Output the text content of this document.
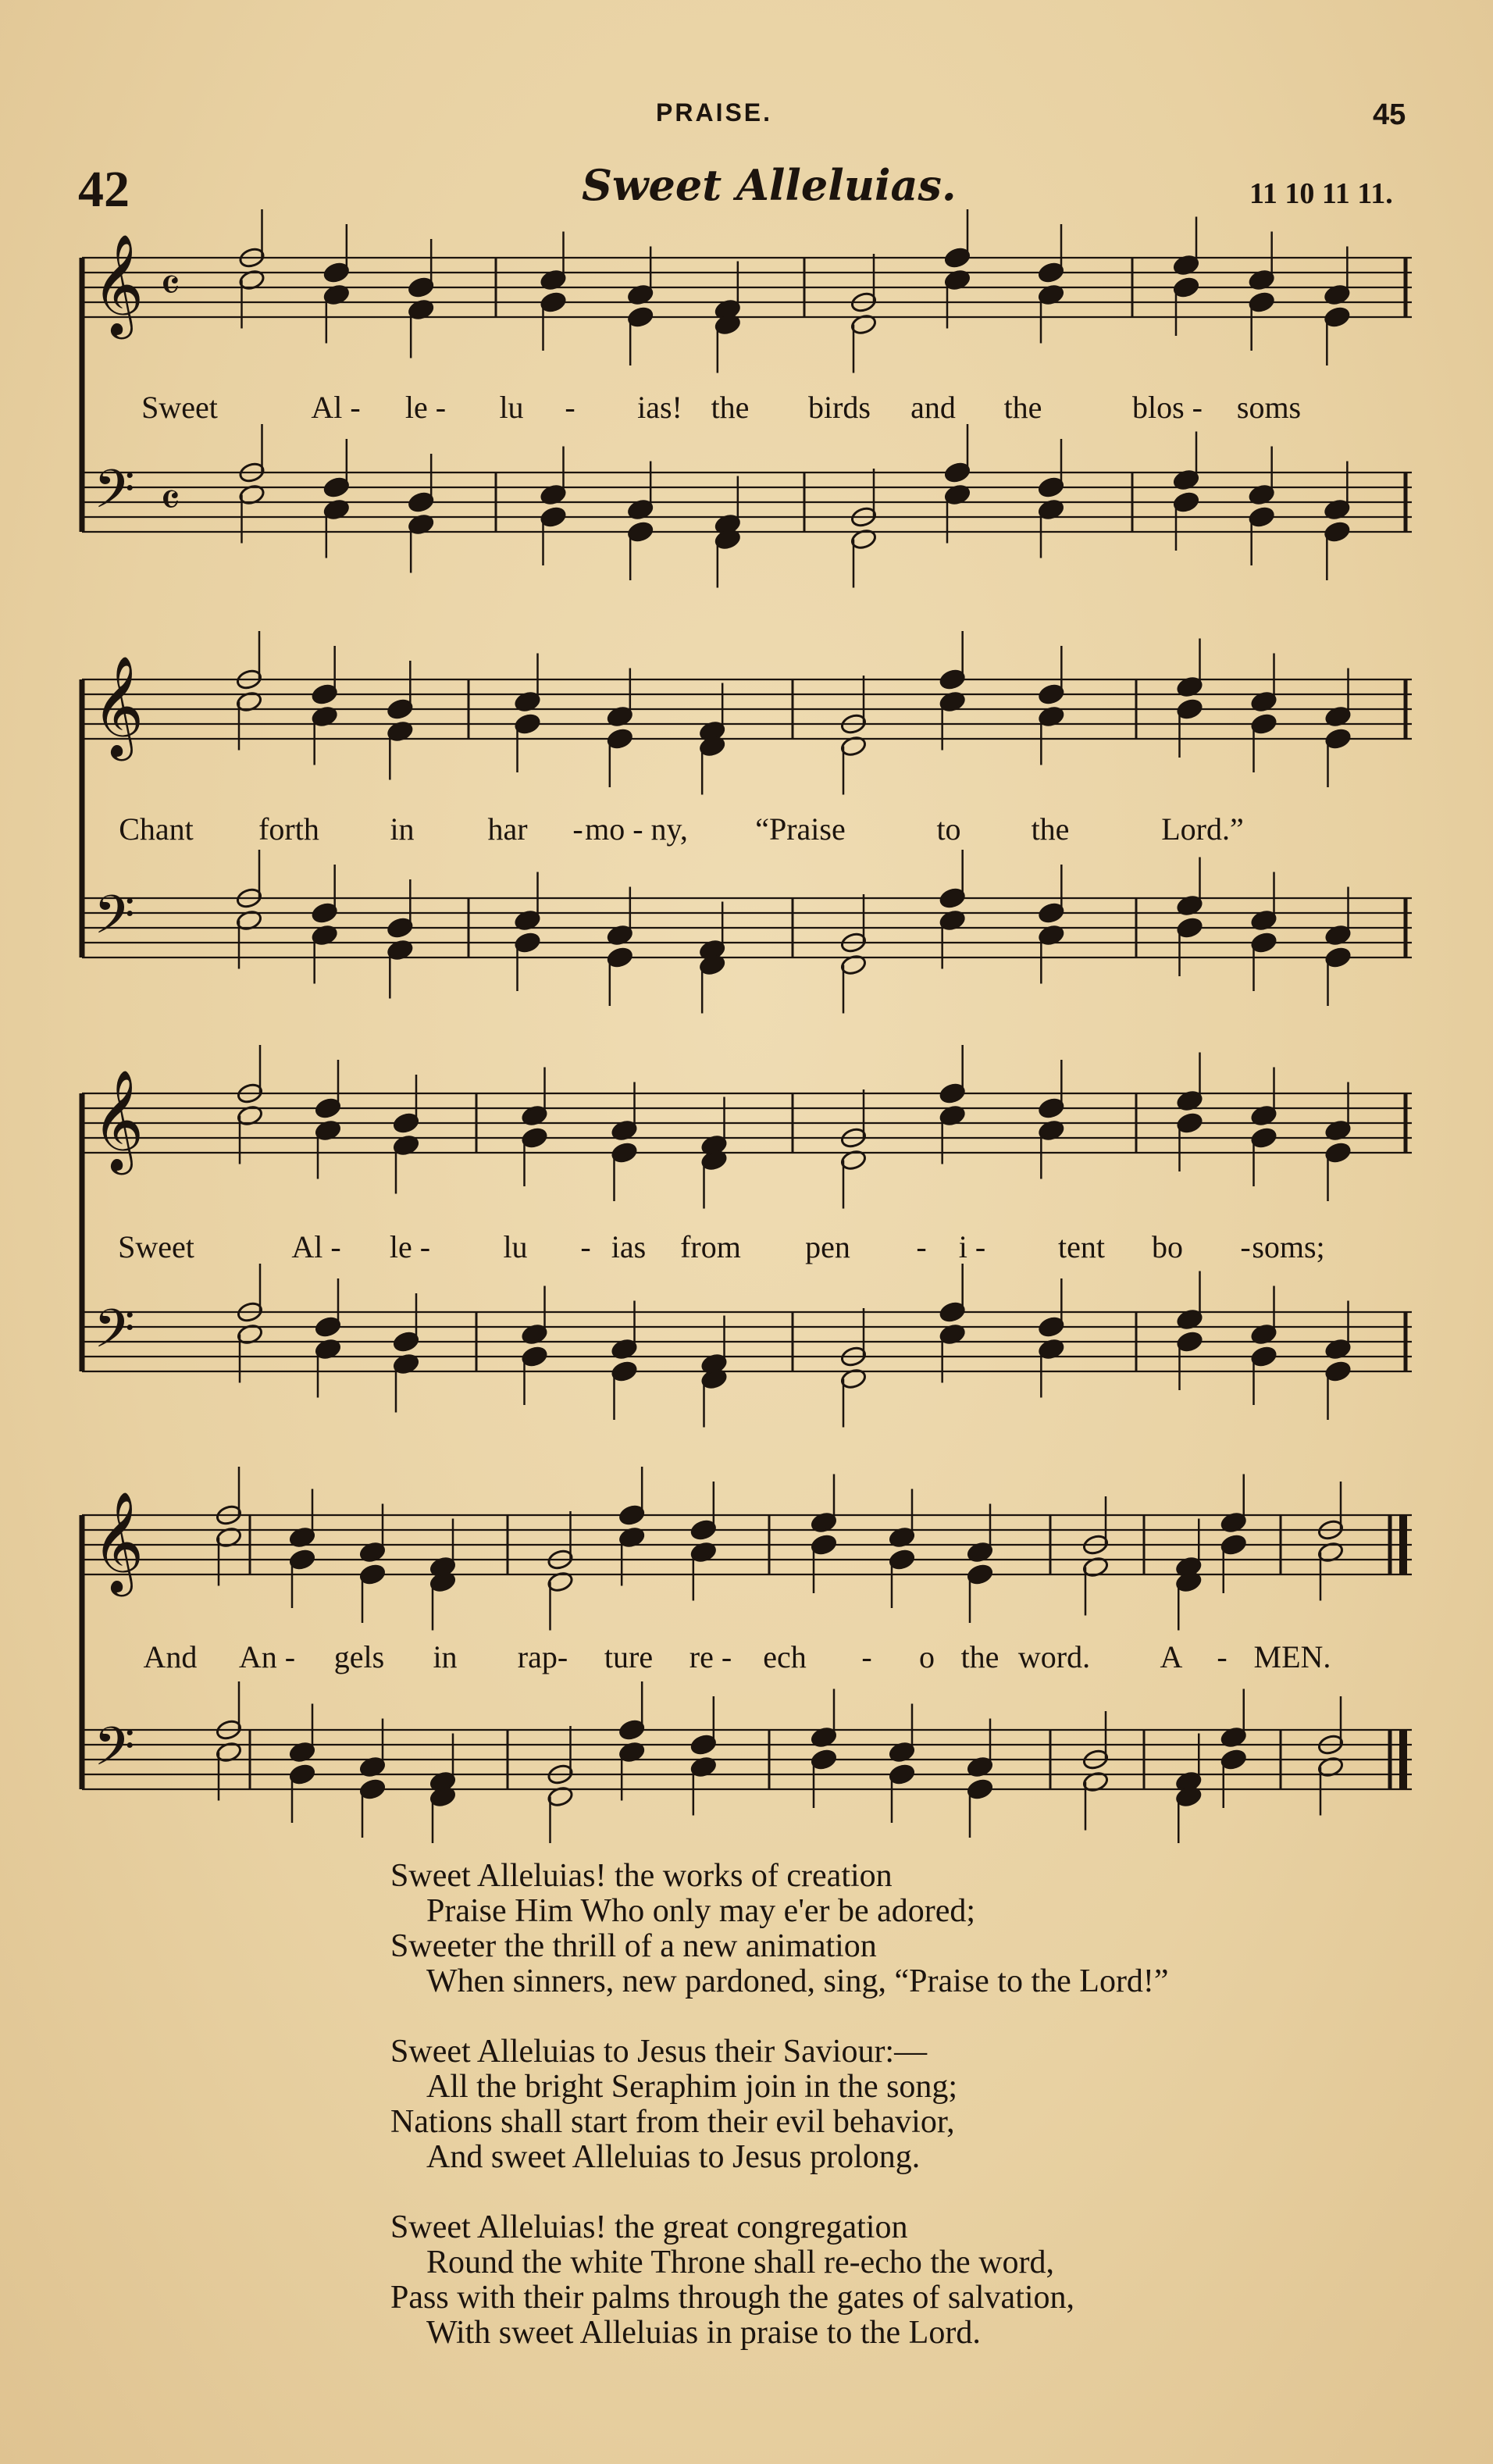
PRAISE.	45
42	Sweet Alleluias.	11 10 11 11.
𝄞
𝄢
𝄴
𝄴
Sweet	Al - le - lu - ias! the birds and the	blos - soms
𝄞
𝄢
Chant forth in har - mo - ny, “Praise	to the	Lord.”
𝄞
𝄢
Sweet	Al - le - lu - ias from pen - i - tent bo - soms;
𝄞
𝄢
And An - gels in rap- ture re - ech - o the word. A - MEN.
Sweet Alleluias! the works of creation
Praise Him Who only may e'er be adored;
Sweeter the thrill of a new animation
When sinners, new pardoned, sing, “Praise to the Lord!”
Sweet Alleluias to Jesus their Saviour:—
All the bright Seraphim join in the song;
Nations shall start from their evil behavior,
And sweet Alleluias to Jesus prolong.
Sweet Alleluias! the great congregation
Round the white Throne shall re-echo the word,
Pass with their palms through the gates of salvation,
With sweet Alleluias in praise to the Lord.
